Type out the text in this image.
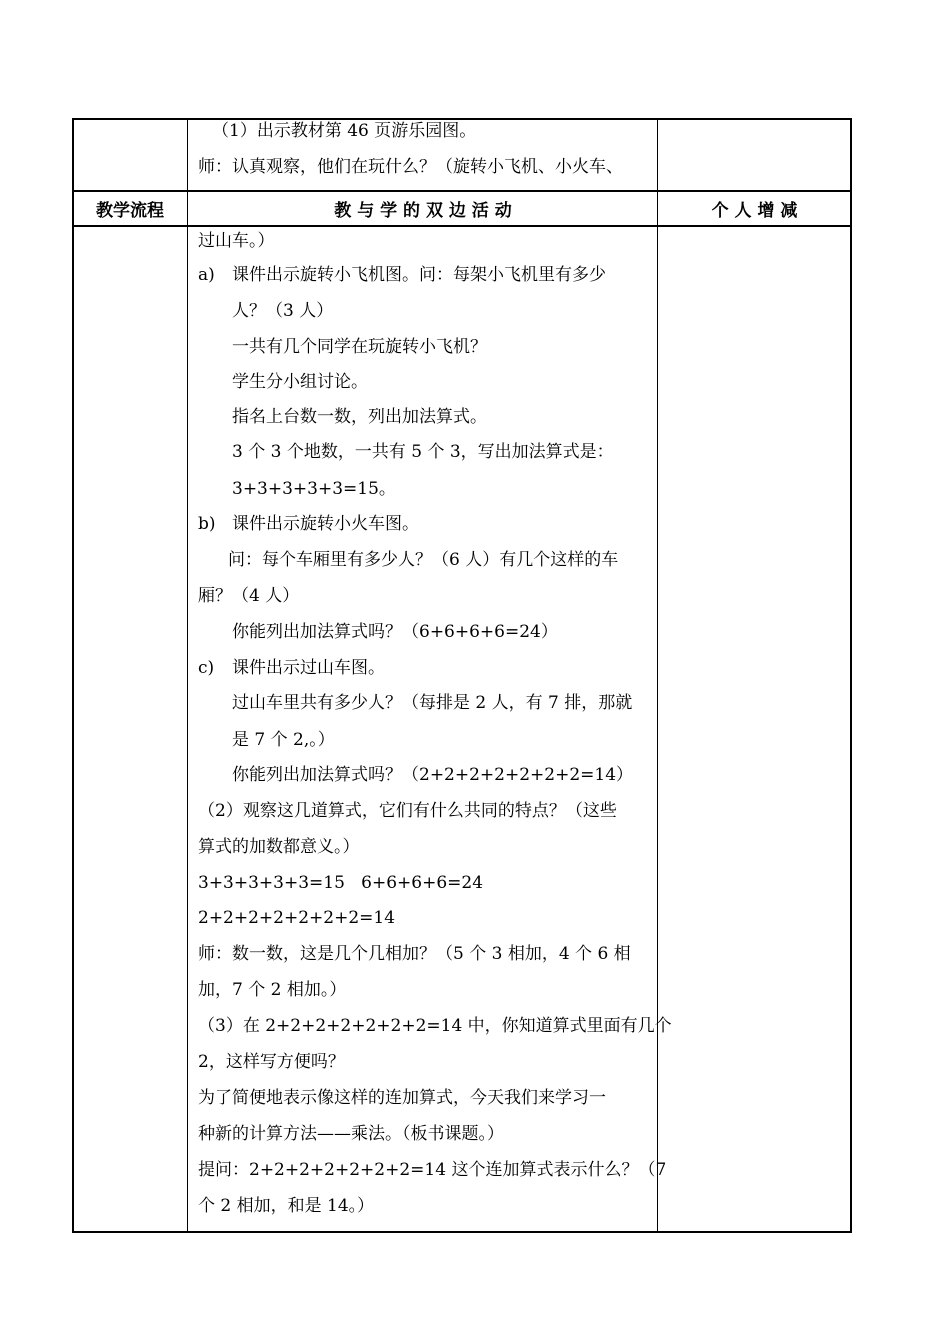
教学流程	教 与 学 的 双 边 活 动	个 人 增 减
（1）出示教材第 46 页游乐园图。
师：认真观察，他们在玩什么？（旋转小飞机、小火车、
a)
b)
c)
过山车。）
课件出示旋转小飞机图。问：每架小飞机里有多少
人？（3 人）
一共有几个同学在玩旋转小飞机？
学生分小组讨论。
指名上台数一数，列出加法算式。
3 个 3 个地数，一共有 5 个 3，写出加法算式是：
3+3+3+3+3=15。
课件出示旋转小火车图。
问：每个车厢里有多少人？（6 人）有几个这样的车
厢？（4 人）
你能列出加法算式吗？（6+6+6+6=24）
课件出示过山车图。
过山车里共有多少人？（每排是 2 人，有 7 排，那就
是 7 个 2,。）
你能列出加法算式吗？（2+2+2+2+2+2+2=14）
（2）观察这几道算式，它们有什么共同的特点？（这些
算式的加数都意义。）
3+3+3+3+3=15   6+6+6+6=24
2+2+2+2+2+2+2=14
师：数一数，这是几个几相加？（5 个 3 相加，4 个 6 相
加，7 个 2 相加。）
（3）在 2+2+2+2+2+2+2=14 中，你知道算式里面有几个
2，这样写方便吗？
为了简便地表示像这样的连加算式，今天我们来学习一
种新的计算方法——乘法。（板书课题。）
提问：2+2+2+2+2+2+2=14 这个连加算式表示什么？（7
个 2 相加，和是 14。）
